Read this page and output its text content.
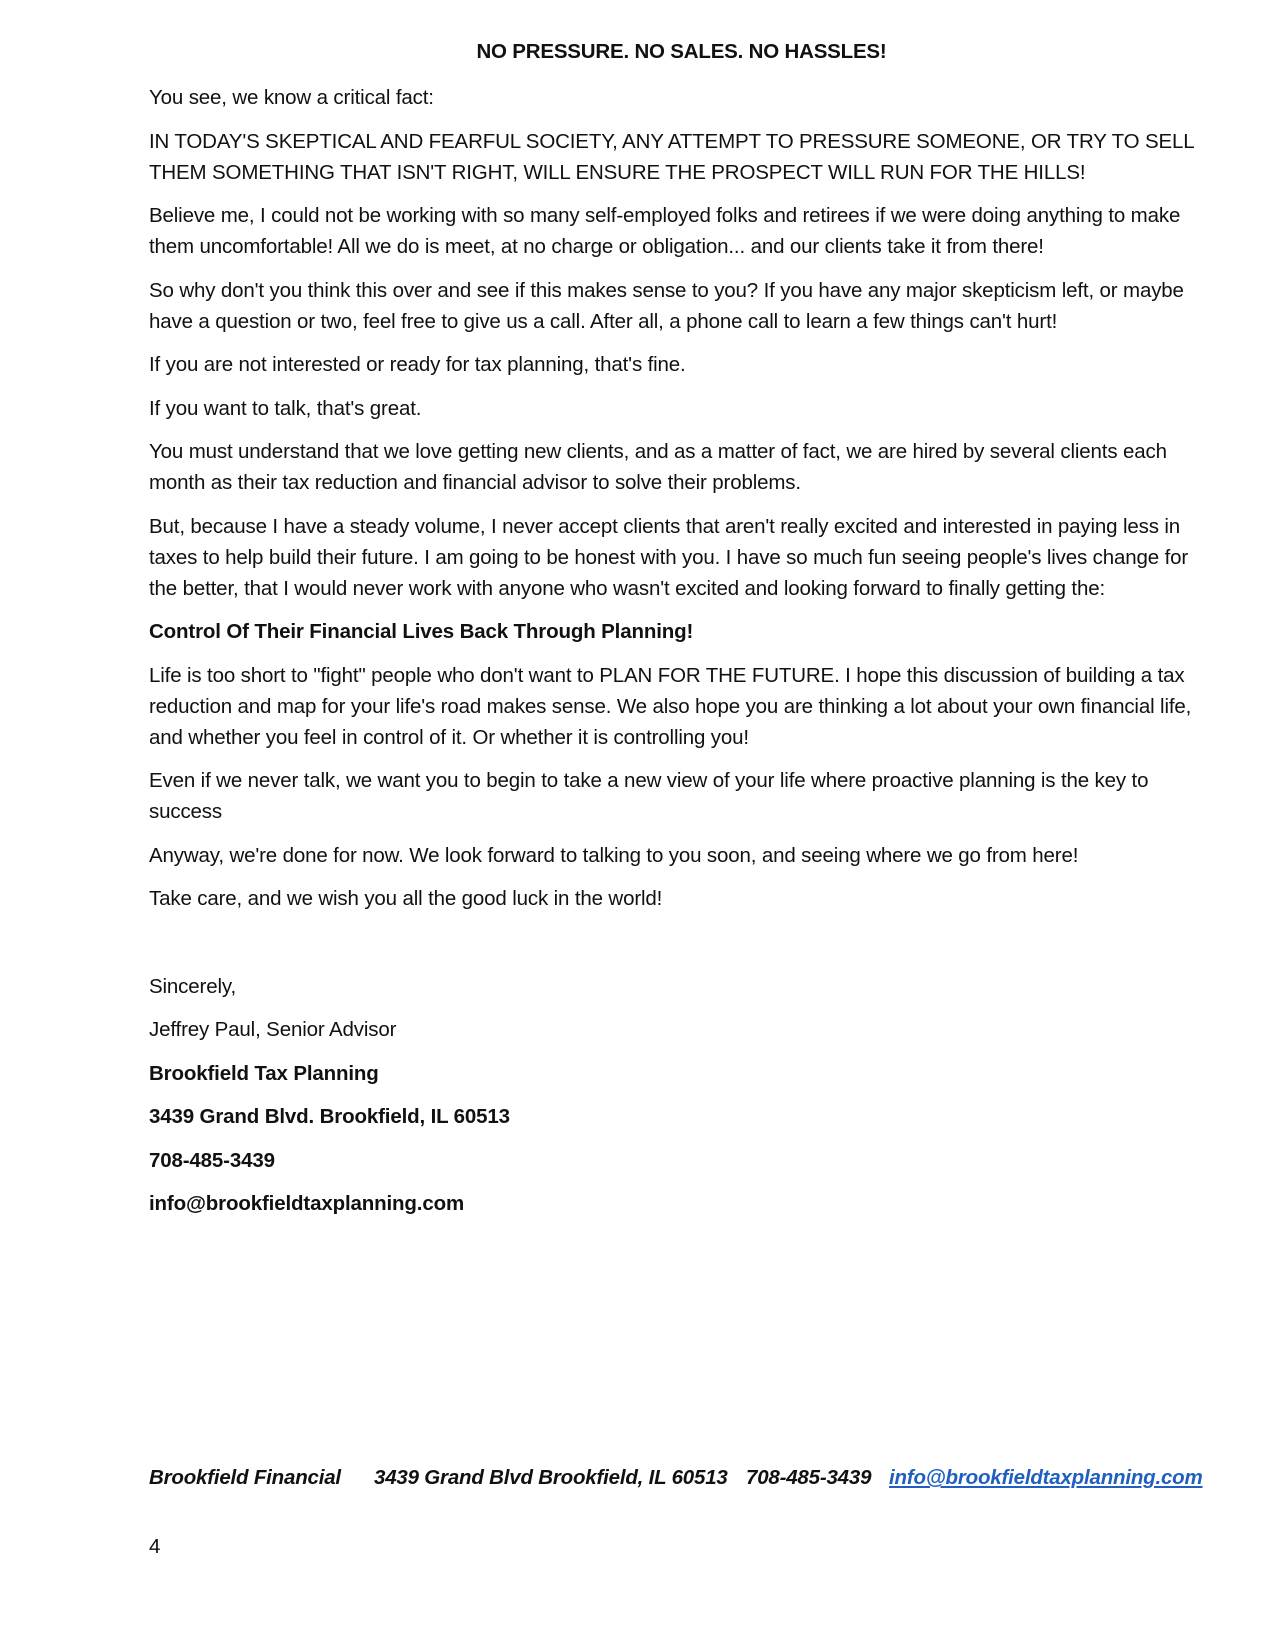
NO PRESSURE. NO SALES. NO HASSLES!

You see, we know a critical fact:

IN TODAY'S SKEPTICAL AND FEARFUL SOCIETY, ANY ATTEMPT TO PRESSURE SOMEONE, OR TRY TO SELL THEM SOMETHING THAT ISN'T RIGHT, WILL ENSURE THE PROSPECT WILL RUN FOR THE HILLS!

Believe me, I could not be working with so many self-employed folks and retirees if we were doing anything to make them uncomfortable! All we do is meet, at no charge or obligation... and our clients take it from there!

So why don't you think this over and see if this makes sense to you? If you have any major skepticism left, or maybe have a question or two, feel free to give us a call. After all, a phone call to learn a few things can't hurt!

If you are not interested or ready for tax planning, that's fine.

If you want to talk, that's great.

You must understand that we love getting new clients, and as a matter of fact, we are hired by several clients each month as their tax reduction and financial advisor to solve their problems.

But, because I have a steady volume, I never accept clients that aren't really excited and interested in paying less in taxes to help build their future. I am going to be honest with you. I have so much fun seeing people's lives change for the better, that I would never work with anyone who wasn't excited and looking forward to finally getting the:

Control Of Their Financial Lives Back Through Planning!

Life is too short to "fight" people who don't want to PLAN FOR THE FUTURE. I hope this discussion of building a tax reduction and map for your life's road makes sense. We also hope you are thinking a lot about your own financial life, and whether you feel in control of it. Or whether it is controlling you!

Even if we never talk, we want you to begin to take a new view of your life where proactive planning is the key to success

Anyway, we're done for now. We look forward to talking to you soon, and seeing where we go from here!

Take care, and we wish you all the good luck in the world!

Sincerely,

Jeffrey Paul, Senior Advisor

Brookfield Tax Planning

3439 Grand Blvd. Brookfield, IL 60513

708-485-3439

info@brookfieldtaxplanning.com

Brookfield Financial 3439 Grand Blvd Brookfield, IL 60513 708-485-3439 info@brookfieldtaxplanning.com
4
